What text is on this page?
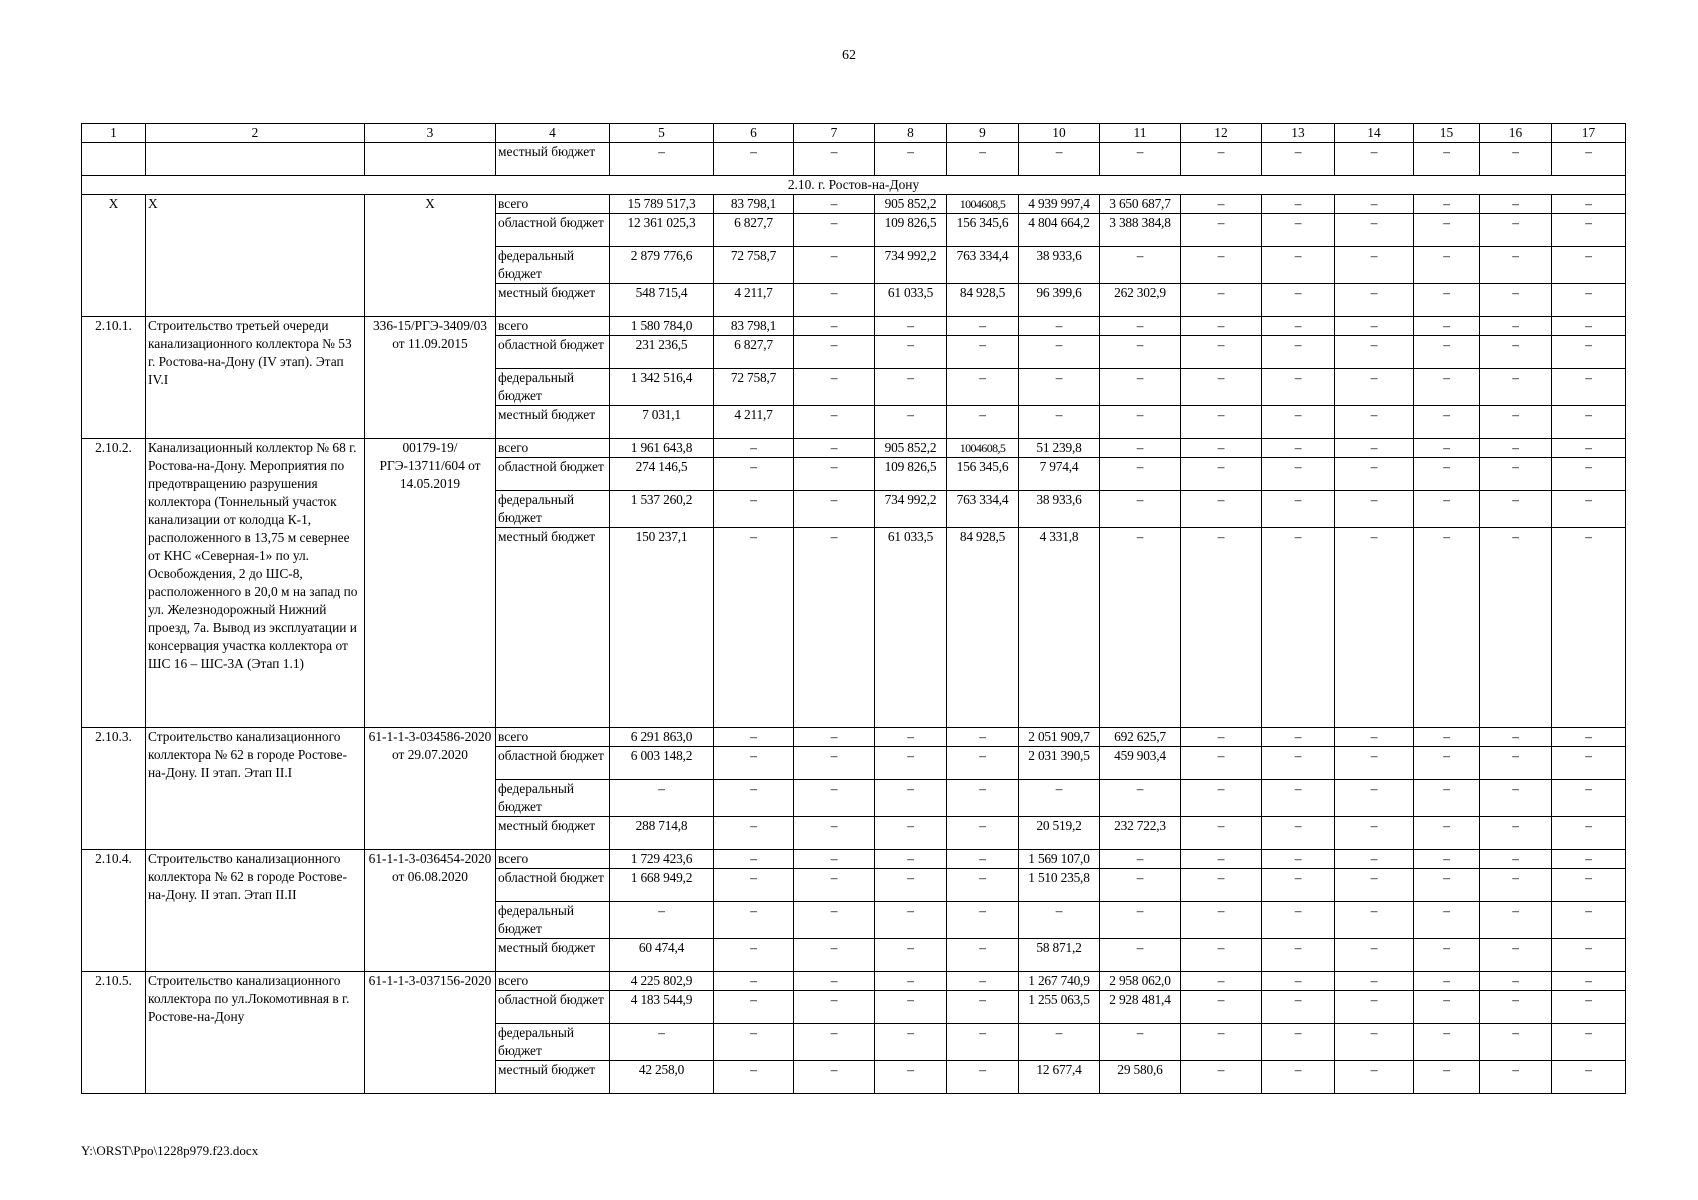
62
1	2	3	4	5	6	7	8	9	10	11	12	13	14	15	16	17
			местный бюджет	–	–	–	–	–	–	–	–	–	–	–	–	–
2.10. г. Ростов-на-Дону																
Х	Х	Х	всего	15 789 517,3	83 798,1	–	905 852,2	1004608,5	4 939 997,4	3 650 687,7	–	–	–	–	–	–
			областной бюджет	12 361 025,3	6 827,7	–	109 826,5	156 345,6	4 804 664,2	3 388 384,8	–	–	–	–	–	–
			федеральный бюджет	2 879 776,6	72 758,7	–	734 992,2	763 334,4	38 933,6	–	–	–	–	–	–	–
			местный бюджет	548 715,4	4 211,7	–	61 033,5	84 928,5	96 399,6	262 302,9	–	–	–	–	–	–
2.10.1.	Строительство третьей очереди канализационного коллектора № 53 г. Ростова-на-Дону (IV этап). Этап IV.I	336-15/РГЭ-3409/03 от 11.09.2015	всего	1 580 784,0	83 798,1	–	–	–	–	–	–	–	–	–	–	–
			областной бюджет	231 236,5	6 827,7	–	–	–	–	–	–	–	–	–	–	–
			федеральный бюджет	1 342 516,4	72 758,7	–	–	–	–	–	–	–	–	–	–	–
			местный бюджет	7 031,1	4 211,7	–	–	–	–	–	–	–	–	–	–	–
2.10.2.	Канализационный коллектор № 68 г. Ростова-на-Дону. Мероприятия по предотвращению разрушения коллектора (Тоннельный участок канализации от колодца К-1, расположенного в 13,75 м севернее от КНС «Северная-1» по ул. Освобождения, 2 до ШС-8, расположенного в 20,0 м на запад по ул. Железнодорожный Нижний проезд, 7а. Вывод из эксплуатации и консервация участка коллектора от ШС 16 – ШС-3А (Этап 1.1)	00179-19/РГЭ-13711/604 от 14.05.2019	всего	1 961 643,8	–	–	905 852,2	1004608,5	51 239,8	–	–	–	–	–	–	–
			областной бюджет	274 146,5	–	–	109 826,5	156 345,6	7 974,4	–	–	–	–	–	–	–
			федеральный бюджет	1 537 260,2	–	–	734 992,2	763 334,4	38 933,6	–	–	–	–	–	–	–
			местный бюджет	150 237,1	–	–	61 033,5	84 928,5	4 331,8	–	–	–	–	–	–	–
2.10.3.	Строительство канализационного коллектора № 62 в городе Ростове-на-Дону. II этап. Этап II.I	61-1-1-3-034586-2020 от 29.07.2020	всего	6 291 863,0	–	–	–	–	2 051 909,7	692 625,7	–	–	–	–	–	–
			областной бюджет	6 003 148,2	–	–	–	–	2 031 390,5	459 903,4	–	–	–	–	–	–
			федеральный бюджет	–	–	–	–	–	–	–	–	–	–	–	–	–
			местный бюджет	288 714,8	–	–	–	–	20 519,2	232 722,3	–	–	–	–	–	–
2.10.4.	Строительство канализационного коллектора № 62 в городе Ростове-на-Дону. II этап. Этап II.II	61-1-1-3-036454-2020 от 06.08.2020	всего	1 729 423,6	–	–	–	–	1 569 107,0	–	–	–	–	–	–	–
			областной бюджет	1 668 949,2	–	–	–	–	1 510 235,8	–	–	–	–	–	–	–
			федеральный бюджет	–	–	–	–	–	–	–	–	–	–	–	–	–
			местный бюджет	60 474,4	–	–	–	–	58 871,2	–	–	–	–	–	–	–
2.10.5.	Строительство канализационного коллектора по ул.Локомотивная в г. Ростове-на-Дону	61-1-1-3-037156-2020	всего	4 225 802,9	–	–	–	–	1 267 740,9	2 958 062,0	–	–	–	–	–	–
			областной бюджет	4 183 544,9	–	–	–	–	1 255 063,5	2 928 481,4	–	–	–	–	–	–
			федеральный бюджет	–	–	–	–	–	–	–	–	–	–	–	–	–
			местный бюджет	42 258,0	–	–	–	–	12 677,4	29 580,6	–	–	–	–	–	–
Y:\ORST\Ppo\1228p979.f23.docx
